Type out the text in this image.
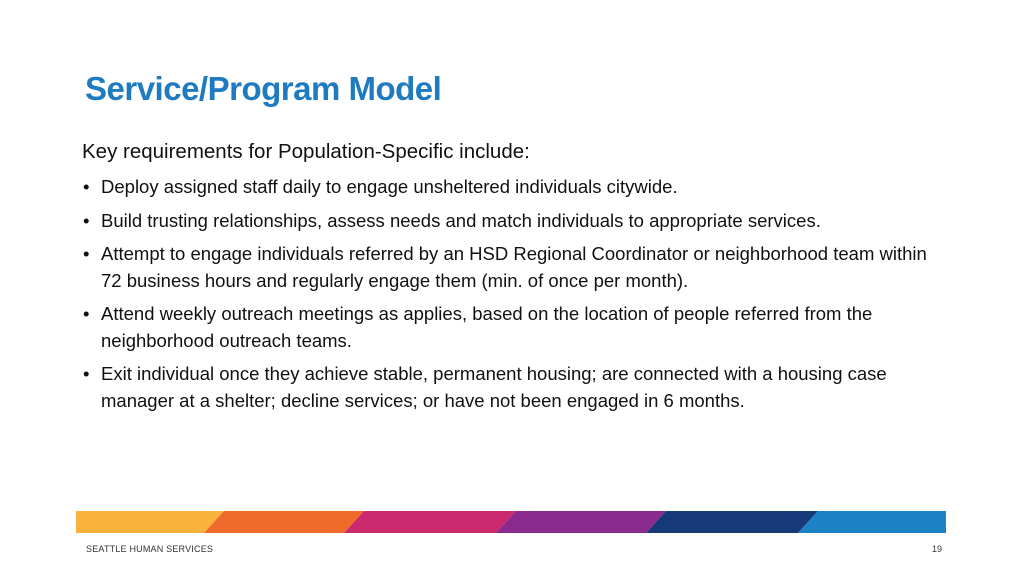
Service/Program Model
Key requirements for Population-Specific include:
• Deploy assigned staff daily to engage unsheltered individuals citywide.
• Build trusting relationships, assess needs and match individuals to appropriate services.
• Attempt to engage individuals referred by an HSD Regional Coordinator or neighborhood team within 72 business hours and regularly engage them (min. of once per month).
• Attend weekly outreach meetings as applies, based on the location of people referred from the neighborhood outreach teams.
• Exit individual once they achieve stable, permanent housing; are connected with a housing case manager at a shelter; decline services; or have not been engaged in 6 months.
SEATTLE HUMAN SERVICES	19
